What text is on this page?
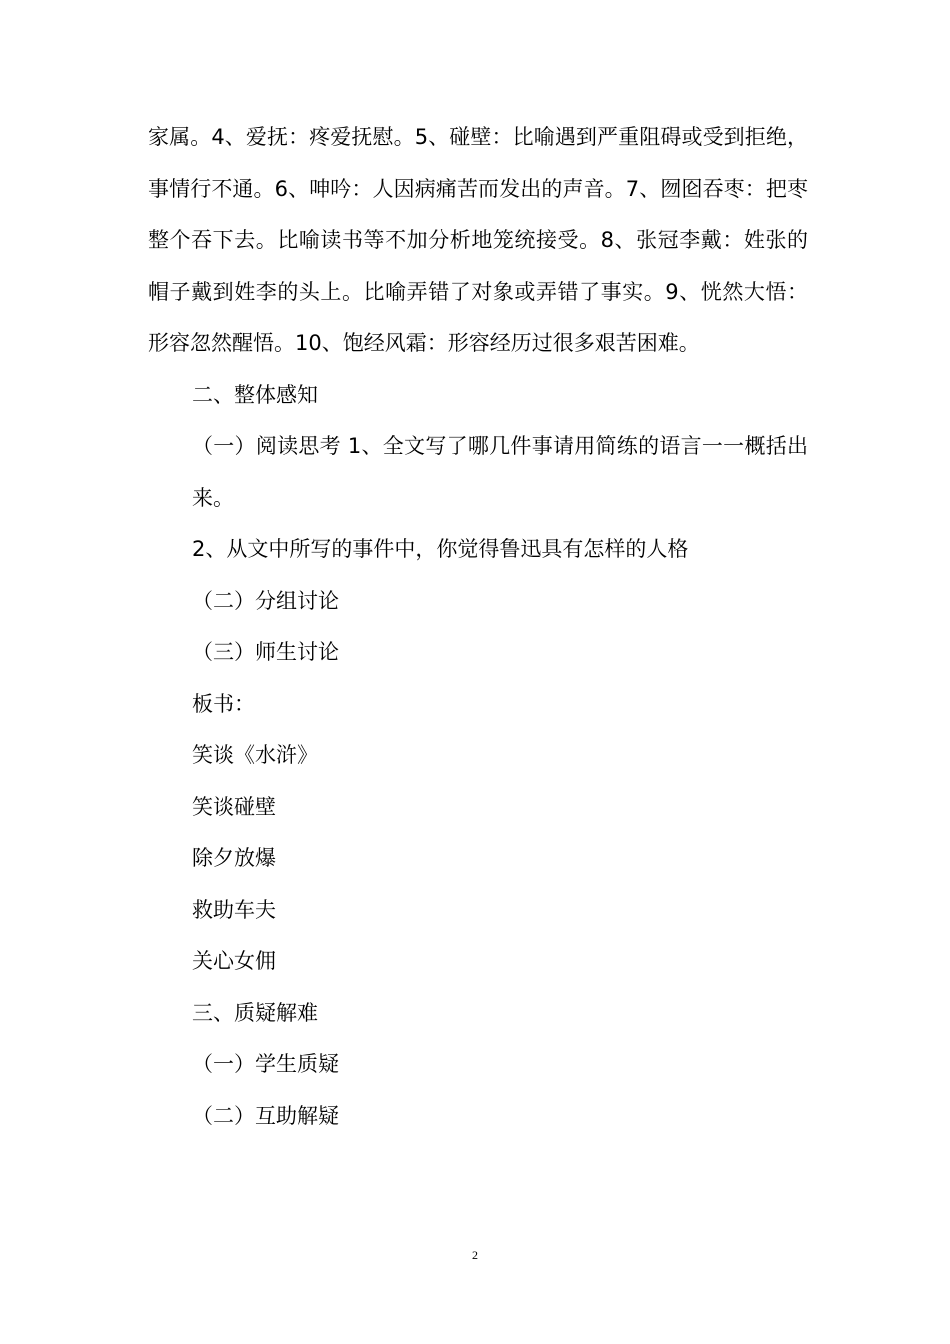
家属。4、爱抚：疼爱抚慰。5、碰壁：比喻遇到严重阻碍或受到拒绝，事情行不通。6、呻吟：人因病痛苦而发出的声音。7、囫囵吞枣：把枣整个吞下去。比喻读书等不加分析地笼统接受。8、张冠李戴：姓张的帽子戴到姓李的头上。比喻弄错了对象或弄错了事实。9、恍然大悟：形容忽然醒悟。10、饱经风霜：形容经历过很多艰苦困难。

二、整体感知

（一）阅读思考 1、全文写了哪几件事请用简练的语言一一概括出来。

2、从文中所写的事件中，你觉得鲁迅具有怎样的人格

（二）分组讨论

（三）师生讨论

板书：

笑谈《水浒》

笑谈碰壁

除夕放爆

救助车夫

关心女佣

三、质疑解难

（一）学生质疑

（二）互助解疑

2
